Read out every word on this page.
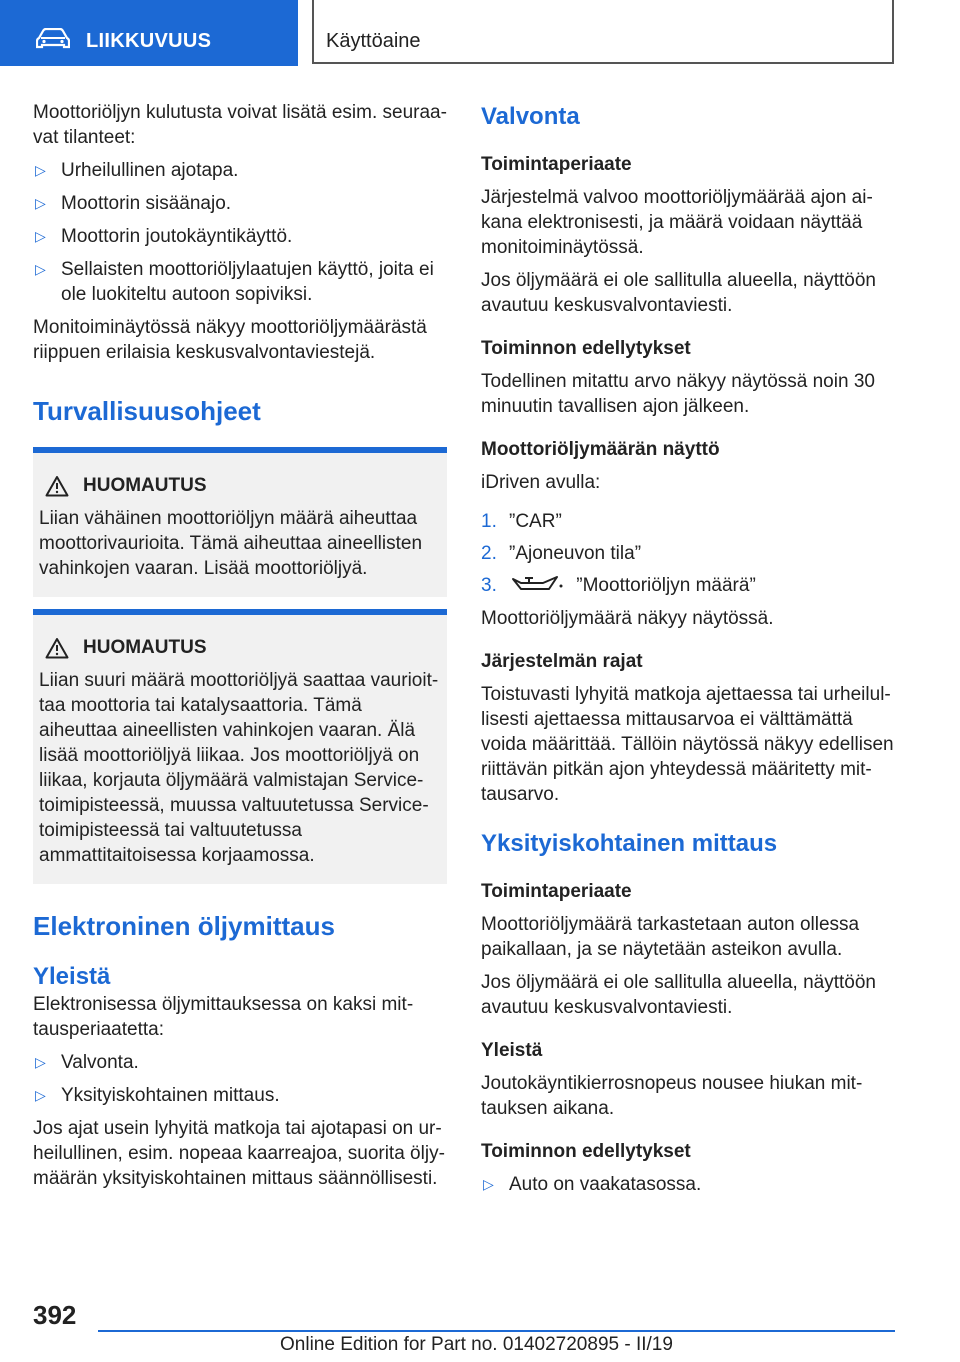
LIIKKUVUUS	Käyttöaine

Moottoriöljyn kulutusta voivat lisätä esim. seuraavat tilanteet:

▷ Urheilullinen ajotapa.
▷ Moottorin sisäänajo.
▷ Moottorin joutokäyntikäyttö.
▷ Sellaisten moottoriöljylaatujen käyttö, joita ei ole luokiteltu autoon sopiviksi.

Monitoiminäytössä näkyy moottoriöljymäärästä riippuen erilaisia keskusvalvontaviestejä.

Turvallisuusohjeet
HUOMAUTUS

Liian vähäinen moottoriöljyn määrä aiheuttaa moottorivaurioita. Tämä aiheuttaa aineellisten vahinkojen vaaran. Lisää moottoriöljyä.

HUOMAUTUS

Liian suuri määrä moottoriöljyä saattaa vaurioittaa moottoria tai katalysaattoria. Tämä aiheuttaa aineellisten vahinkojen vaaran. Älä lisää moottoriöljyä liikaa. Jos moottoriöljyä on liikaa, korjauta öljymäärä valmistajan Service-toimipisteessä, muussa valtuutetussa Service-toimipisteessä tai valtuutetussa ammattitaitoisessa korjaamossa.

Elektroninen öljymittaus
Yleistä

Elektronisessa öljymittauksessa on kaksi mittausperiaatetta:

▷ Valvonta.
▷ Yksityiskohtainen mittaus.

Jos ajat usein lyhyitä matkoja tai ajotapasi on urheilullinen, esim. nopeaa kaarreajoa, suorita öljymäärän yksityiskohtainen mittaus säännöllisesti.

Valvonta
Toimintaperiaate

Järjestelmä valvoo moottoriöljymäärää ajon aikana elektronisesti, ja määrä voidaan näyttää monitoiminäytössä.

Jos öljymäärä ei ole sallitulla alueella, näyttöön avautuu keskusvalvontaviesti.

Toiminnon edellytykset

Todellinen mitattu arvo näkyy näytössä noin 30 minuutin tavallisen ajon jälkeen.

Moottoriöljymäärän näyttö

iDriven avulla:

1. ”CAR”
2. ”Ajoneuvon tila”
3.	”Moottoriöljyn määrä”

Moottoriöljymäärä näkyy näytössä.

Järjestelmän rajat

Toistuvasti lyhyitä matkoja ajettaessa tai urheilullisesti ajettaessa mittausarvoa ei välttämättä voida määrittää. Tällöin näytössä näkyy edellisen riittävän pitkän ajon yhteydessä määritetty mittausarvo.

Yksityiskohtainen mittaus
Toimintaperiaate

Moottoriöljymäärä tarkastetaan auton ollessa paikallaan, ja se näytetään asteikon avulla.

Jos öljymäärä ei ole sallitulla alueella, näyttöön avautuu keskusvalvontaviesti.

Yleistä

Joutokäyntikierrosnopeus nousee hiukan mittauksen aikana.

Toiminnon edellytykset
▷ Auto on vaakatasossa.
392
Online Edition for Part no. 01402720895 - II/19
